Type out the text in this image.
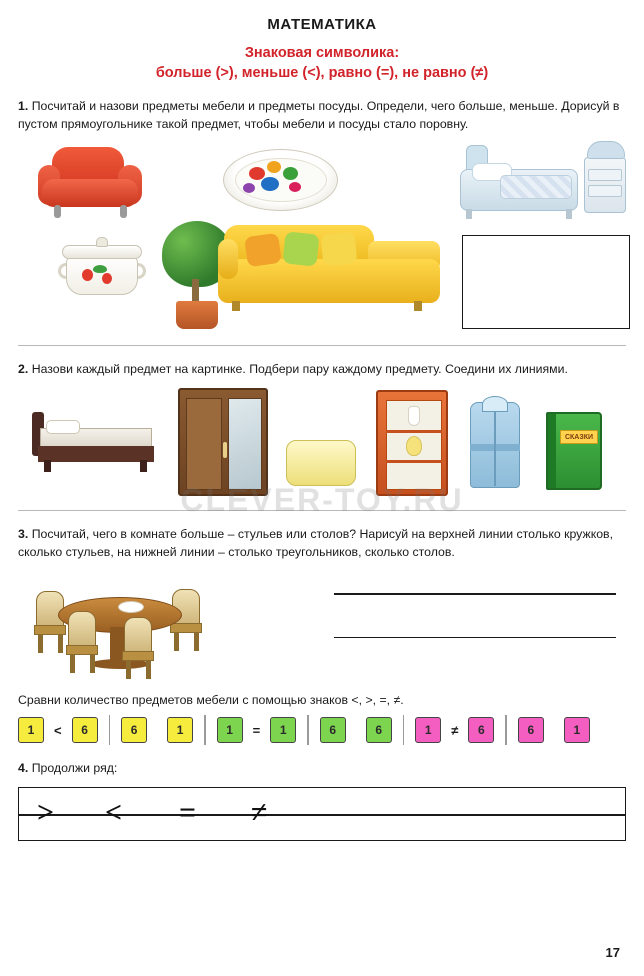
МАТЕМАТИКА
Знаковая символика:
больше (>), меньше (<), равно (=), не равно (≠)
1. Посчитай и назови предметы мебели и предметы посуды. Определи, чего больше, меньше. Дорисуй в пустом прямоугольнике такой предмет, чтобы мебели и посуды стало поровну.
2. Назови каждый предмет на картинке. Подбери пару каждому предмету. Соедини их линиями.
СКАЗКИ
3. Посчитай, чего в комнате больше – стульев или столов? Нарисуй на верхней линии столько кружков, сколько стульев, на нижней линии – столько треугольников, сколько столов.
Сравни количество предметов мебели с помощью знаков <, >, =, ≠.
1	<	6	6	1	1	=	1	6	6	1	≠	6	6	1
4. Продолжи ряд:
> < = ≠
CLEVER-TOY.RU
17
